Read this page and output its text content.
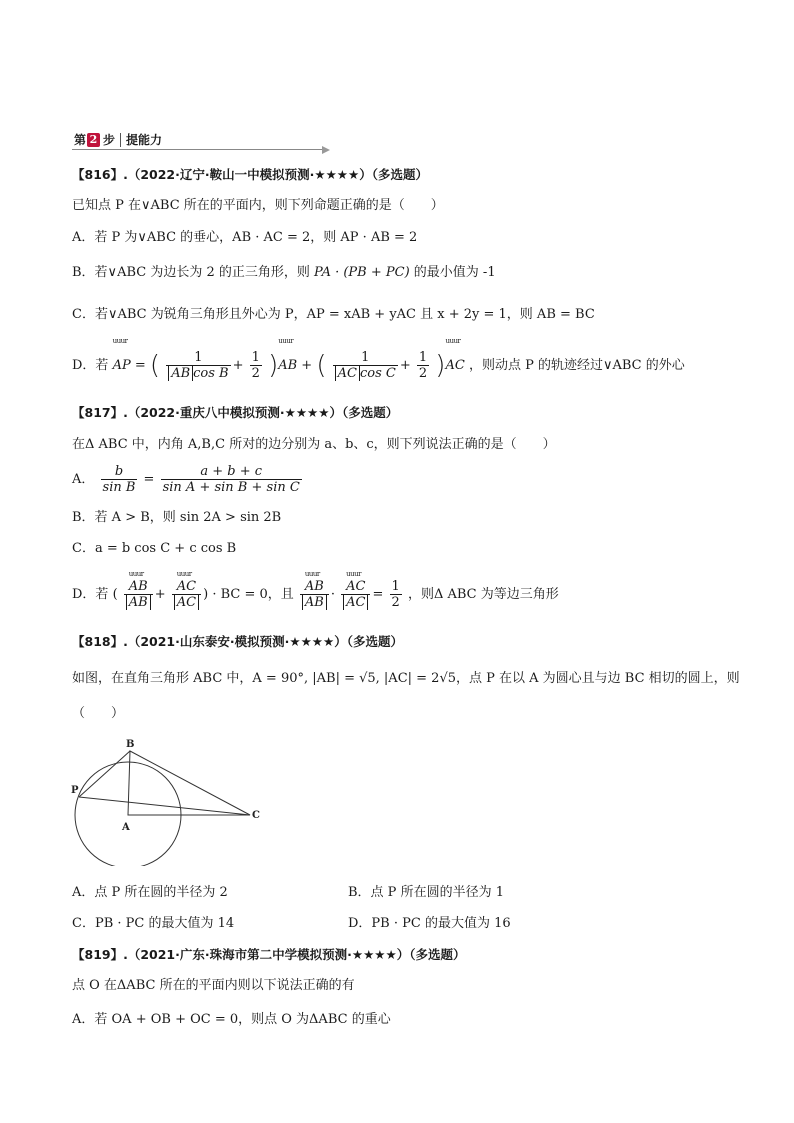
第 2 步 提能力
【816】.（2022·辽宁·鞍山一中模拟预测·★★★★）（多选题）
已知点 P 在∨ABC 所在的平面内，则下列命题正确的是（　　）
A．若 P 为∨ABC 的垂心，AB · AC = 2，则 AP · AB = 2
B．若∨ABC 为边长为 2 的正三角形，则 PA · (PB + PC) 的最小值为 -1
C．若∨ABC 为锐角三角形且外心为 P，AP = xAB + yAC 且 x + 2y = 1，则 AB = BC
D．若 uuur AP = ( $\frac{1}{\text{AB cos B}} + \frac{1}{2}$ )uuur AB + ( $\frac{1}{\text{AC cos C}} + \frac{1}{2}$ )uuur AC ，则动点 P 的轨迹经过∨ABC 的外心
【817】.（2022·重庆八中模拟预测·★★★★）（多选题）
在Δ ABC 中，内角 A,B,C 所对的边分别为 a、b、c，则下列说法正确的是（　　）
A． $\frac{b}{\text{sin B}} = \frac{a + b + c}{\text{sin A + sin B + sin C}}$
B．若 A > B，则 sin 2A > sin 2B
C．a = b cos C + c cos B
D．若 ( uuur $\frac{AB}{AB}$ + uuur $\frac{AC}{AC}$ ) · BC = 0，且 uuur $\frac{AB}{AB}$ · uuur $\frac{AC}{AC} = \frac{1}{2}$ ，则Δ ABC 为等边三角形
【818】.（2021·山东泰安·模拟预测·★★★★）（多选题）
如图，在直角三角形 ABC 中，A = 90°, |AB| = √5, |AC| = 2√5，点 P 在以 A 为圆心且与边 BC 相切的圆上，则
（　　）
B
P
A
C
A．点 P 所在圆的半径为 2	B．点 P 所在圆的半径为 1
C．PB · PC 的最大值为 14	D．PB · PC 的最大值为 16
【819】.（2021·广东·珠海市第二中学模拟预测·★★★★）（多选题）
点 O 在ΔABC 所在的平面内则以下说法正确的有
A．若 OA + OB + OC = 0，则点 O 为ΔABC 的重心
